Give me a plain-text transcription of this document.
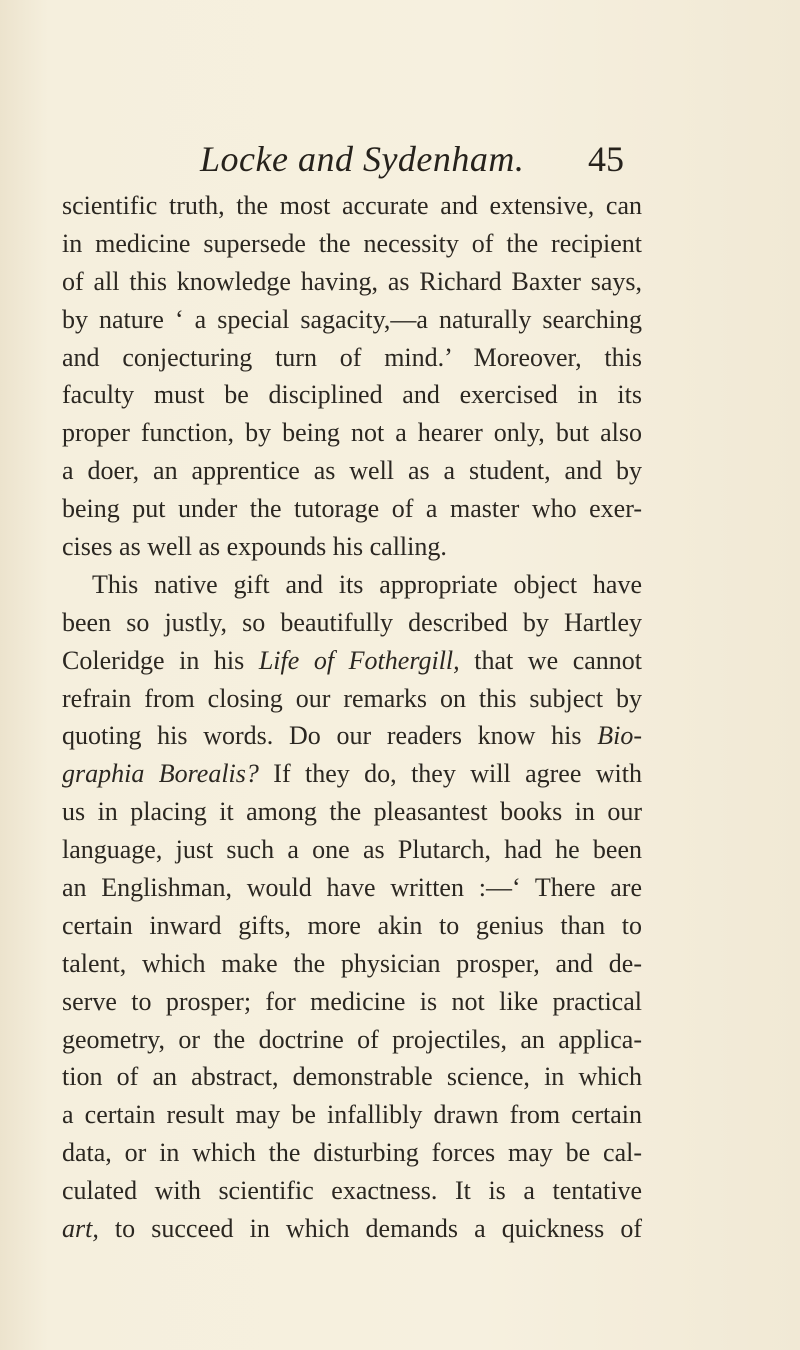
Locke and Sydenham. 45
scientific truth, the most accurate and extensive, can
in medicine supersede the necessity of the recipient
of all this knowledge having, as Richard Baxter says,
by nature ‘ a special sagacity,—a naturally searching
and conjecturing turn of mind.’ Moreover, this
faculty must be disciplined and exercised in its
proper function, by being not a hearer only, but also
a doer, an apprentice as well as a student, and by
being put under the tutorage of a master who exer-
cises as well as expounds his calling.
This native gift and its appropriate object have
been so justly, so beautifully described by Hartley
Coleridge in his Life of Fothergill, that we cannot
refrain from closing our remarks on this subject by
quoting his words. Do our readers know his Bio-
graphia Borealis? If they do, they will agree with
us in placing it among the pleasantest books in our
language, just such a one as Plutarch, had he been
an Englishman, would have written :—‘ There are
certain inward gifts, more akin to genius than to
talent, which make the physician prosper, and de-
serve to prosper; for medicine is not like practical
geometry, or the doctrine of projectiles, an applica-
tion of an abstract, demonstrable science, in which
a certain result may be infallibly drawn from certain
data, or in which the disturbing forces may be cal-
culated with scientific exactness. It is a tentative
art, to succeed in which demands a quickness of
